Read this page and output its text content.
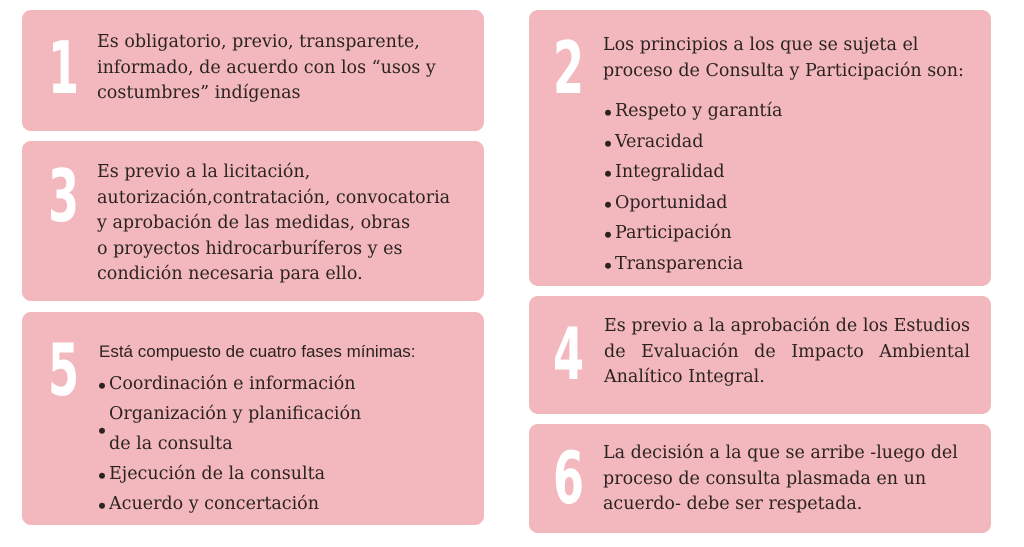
1 Es obligatorio, previo, transparente,
informado, de acuerdo con los “usos y
costumbres” indígenas
3 Es previo a la licitación,
autorización,contratación, convocatoria
y aprobación de las medidas, obras
o proyectos hidrocarburíferos y es
condición necesaria para ello.
5 Está compuesto de cuatro fases mínimas:
Coordinación e información
Organización y planificación
de la consulta
Ejecución de la consulta
Acuerdo y concertación
2 Los principios a los que se sujeta el
proceso de Consulta y Participación son:
Respeto y garantía
Veracidad
Integralidad
Oportunidad
Participación
Transparencia
4 Es previo a la aprobación de los Estudios
de Evaluación de Impacto Ambiental
Analítico Integral.
6 La decisión a la que se arribe -luego del
proceso de consulta plasmada en un
acuerdo- debe ser respetada.
